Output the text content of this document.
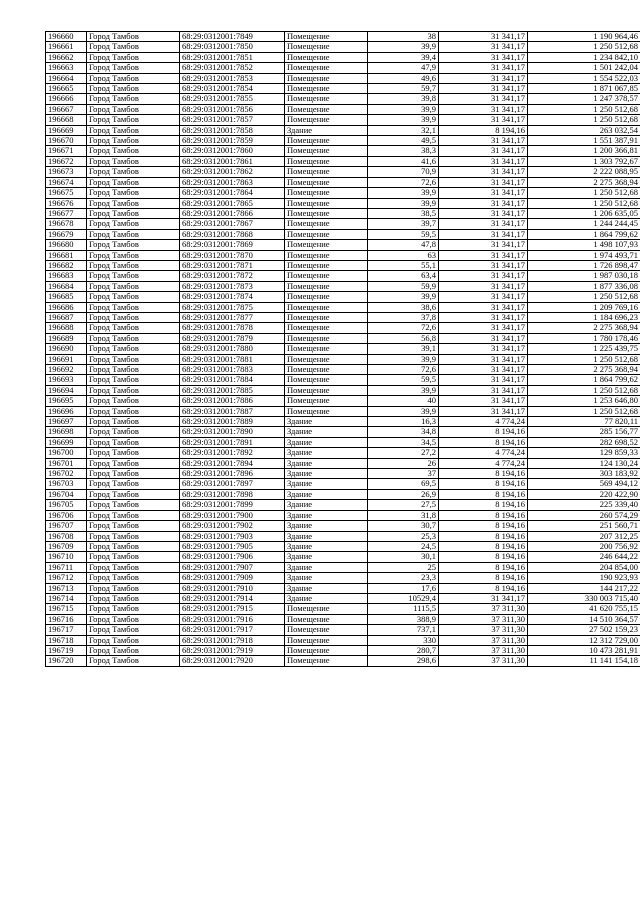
196660	Город Тамбов	68:29:0312001:7849	Помещение	38	31 341,17	1 190 964,46
196661	Город Тамбов	68:29:0312001:7850	Помещение	39,9	31 341,17	1 250 512,68
196662	Город Тамбов	68:29:0312001:7851	Помещение	39,4	31 341,17	1 234 842,10
196663	Город Тамбов	68:29:0312001:7852	Помещение	47,9	31 341,17	1 501 242,04
196664	Город Тамбов	68:29:0312001:7853	Помещение	49,6	31 341,17	1 554 522,03
196665	Город Тамбов	68:29:0312001:7854	Помещение	59,7	31 341,17	1 871 067,85
196666	Город Тамбов	68:29:0312001:7855	Помещение	39,8	31 341,17	1 247 378,57
196667	Город Тамбов	68:29:0312001:7856	Помещение	39,9	31 341,17	1 250 512,68
196668	Город Тамбов	68:29:0312001:7857	Помещение	39,9	31 341,17	1 250 512,68
196669	Город Тамбов	68:29:0312001:7858	Здание	32,1	8 194,16	263 032,54
196670	Город Тамбов	68:29:0312001:7859	Помещение	49,5	31 341,17	1 551 387,91
196671	Город Тамбов	68:29:0312001:7860	Помещение	38,3	31 341,17	1 200 366,81
196672	Город Тамбов	68:29:0312001:7861	Помещение	41,6	31 341,17	1 303 792,67
196673	Город Тамбов	68:29:0312001:7862	Помещение	70,9	31 341,17	2 222 088,95
196674	Город Тамбов	68:29:0312001:7863	Помещение	72,6	31 341,17	2 275 368,94
196675	Город Тамбов	68:29:0312001:7864	Помещение	39,9	31 341,17	1 250 512,68
196676	Город Тамбов	68:29:0312001:7865	Помещение	39,9	31 341,17	1 250 512,68
196677	Город Тамбов	68:29:0312001:7866	Помещение	38,5	31 341,17	1 206 635,05
196678	Город Тамбов	68:29:0312001:7867	Помещение	39,7	31 341,17	1 244 244,45
196679	Город Тамбов	68:29:0312001:7868	Помещение	59,5	31 341,17	1 864 799,62
196680	Город Тамбов	68:29:0312001:7869	Помещение	47,8	31 341,17	1 498 107,93
196681	Город Тамбов	68:29:0312001:7870	Помещение	63	31 341,17	1 974 493,71
196682	Город Тамбов	68:29:0312001:7871	Помещение	55,1	31 341,17	1 726 898,47
196683	Город Тамбов	68:29:0312001:7872	Помещение	63,4	31 341,17	1 987 030,18
196684	Город Тамбов	68:29:0312001:7873	Помещение	59,9	31 341,17	1 877 336,08
196685	Город Тамбов	68:29:0312001:7874	Помещение	39,9	31 341,17	1 250 512,68
196686	Город Тамбов	68:29:0312001:7875	Помещение	38,6	31 341,17	1 209 769,16
196687	Город Тамбов	68:29:0312001:7877	Помещение	37,8	31 341,17	1 184 696,23
196688	Город Тамбов	68:29:0312001:7878	Помещение	72,6	31 341,17	2 275 368,94
196689	Город Тамбов	68:29:0312001:7879	Помещение	56,8	31 341,17	1 780 178,46
196690	Город Тамбов	68:29:0312001:7880	Помещение	39,1	31 341,17	1 225 439,75
196691	Город Тамбов	68:29:0312001:7881	Помещение	39,9	31 341,17	1 250 512,68
196692	Город Тамбов	68:29:0312001:7883	Помещение	72,6	31 341,17	2 275 368,94
196693	Город Тамбов	68:29:0312001:7884	Помещение	59,5	31 341,17	1 864 799,62
196694	Город Тамбов	68:29:0312001:7885	Помещение	39,9	31 341,17	1 250 512,68
196695	Город Тамбов	68:29:0312001:7886	Помещение	40	31 341,17	1 253 646,80
196696	Город Тамбов	68:29:0312001:7887	Помещение	39,9	31 341,17	1 250 512,68
196697	Город Тамбов	68:29:0312001:7889	Здание	16,3	4 774,24	77 820,11
196698	Город Тамбов	68:29:0312001:7890	Здание	34,8	8 194,16	285 156,77
196699	Город Тамбов	68:29:0312001:7891	Здание	34,5	8 194,16	282 698,52
196700	Город Тамбов	68:29:0312001:7892	Здание	27,2	4 774,24	129 859,33
196701	Город Тамбов	68:29:0312001:7894	Здание	26	4 774,24	124 130,24
196702	Город Тамбов	68:29:0312001:7896	Здание	37	8 194,16	303 183,92
196703	Город Тамбов	68:29:0312001:7897	Здание	69,5	8 194,16	569 494,12
196704	Город Тамбов	68:29:0312001:7898	Здание	26,9	8 194,16	220 422,90
196705	Город Тамбов	68:29:0312001:7899	Здание	27,5	8 194,16	225 339,40
196706	Город Тамбов	68:29:0312001:7900	Здание	31,8	8 194,16	260 574,29
196707	Город Тамбов	68:29:0312001:7902	Здание	30,7	8 194,16	251 560,71
196708	Город Тамбов	68:29:0312001:7903	Здание	25,3	8 194,16	207 312,25
196709	Город Тамбов	68:29:0312001:7905	Здание	24,5	8 194,16	200 756,92
196710	Город Тамбов	68:29:0312001:7906	Здание	30,1	8 194,16	246 644,22
196711	Город Тамбов	68:29:0312001:7907	Здание	25	8 194,16	204 854,00
196712	Город Тамбов	68:29:0312001:7909	Здание	23,3	8 194,16	190 923,93
196713	Город Тамбов	68:29:0312001:7910	Здание	17,6	8 194,16	144 217,22
196714	Город Тамбов	68:29:0312001:7914	Здание	10529,4	31 341,17	330 003 715,40
196715	Город Тамбов	68:29:0312001:7915	Помещение	1115,5	37 311,30	41 620 755,15
196716	Город Тамбов	68:29:0312001:7916	Помещение	388,9	37 311,30	14 510 364,57
196717	Город Тамбов	68:29:0312001:7917	Помещение	737,1	37 311,30	27 502 159,23
196718	Город Тамбов	68:29:0312001:7918	Помещение	330	37 311,30	12 312 729,00
196719	Город Тамбов	68:29:0312001:7919	Помещение	280,7	37 311,30	10 473 281,91
196720	Город Тамбов	68:29:0312001:7920	Помещение	298,6	37 311,30	11 141 154,18
